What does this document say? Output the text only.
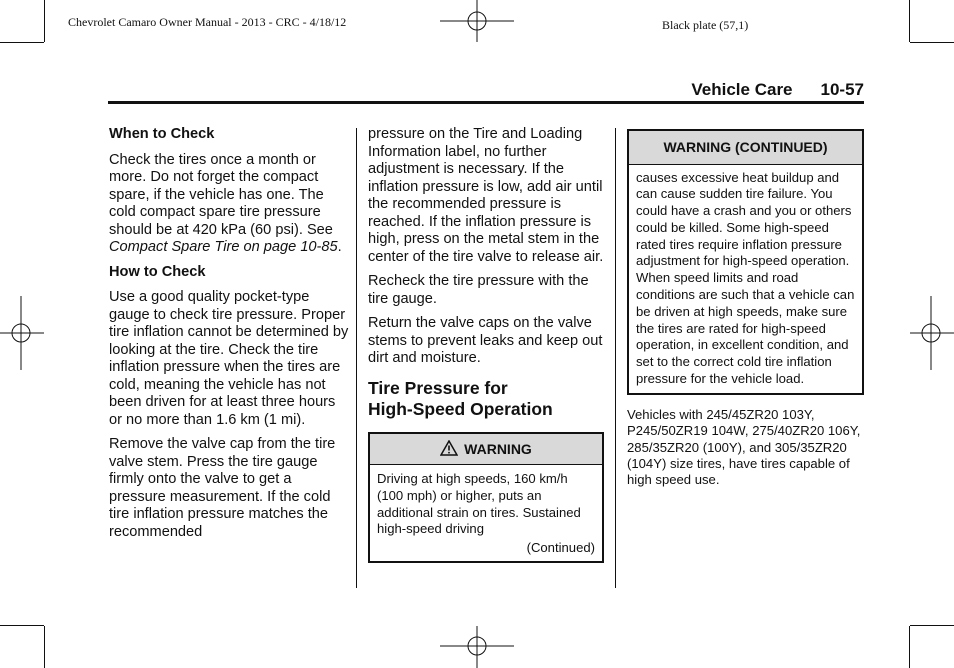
Chevrolet Camaro Owner Manual - 2013 - CRC - 4/18/12	Black plate (57,1)
Vehicle Care 10-57
When to Check

Check the tires once a month or more. Do not forget the compact spare, if the vehicle has one. The cold compact spare tire pressure should be at 420 kPa (60 psi). See Compact Spare Tire on page 10-85.

How to Check

Use a good quality pocket-type gauge to check tire pressure. Proper tire inflation cannot be determined by looking at the tire. Check the tire inflation pressure when the tires are cold, meaning the vehicle has not been driven for at least three hours or no more than 1.6 km (1 mi).

Remove the valve cap from the tire valve stem. Press the tire gauge firmly onto the valve to get a pressure measurement. If the cold tire inflation pressure matches the recommended

pressure on the Tire and Loading Information label, no further adjustment is necessary. If the inflation pressure is low, add air until the recommended pressure is reached. If the inflation pressure is high, press on the metal stem in the center of the tire valve to release air.

Recheck the tire pressure with the tire gauge.

Return the valve caps on the valve stems to prevent leaks and keep out dirt and moisture.

Tire Pressure for
High-Speed Operation
WARNING
Driving at high speeds, 160 km/h (100 mph) or higher, puts an additional strain on tires. Sustained high-speed driving
(Continued)
WARNING (CONTINUED)
causes excessive heat buildup and can cause sudden tire failure. You could have a crash and you or others could be killed. Some high-speed rated tires require inflation pressure adjustment for high-speed operation. When speed limits and road conditions are such that a vehicle can be driven at high speeds, make sure the tires are rated for high-speed operation, in excellent condition, and set to the correct cold tire inflation pressure for the vehicle load.
Vehicles with 245/45ZR20 103Y, P245/50ZR19 104W, 275/40ZR20 106Y, 285/35ZR20 (100Y), and 305/35ZR20 (104Y) size tires, have tires capable of high speed use.
